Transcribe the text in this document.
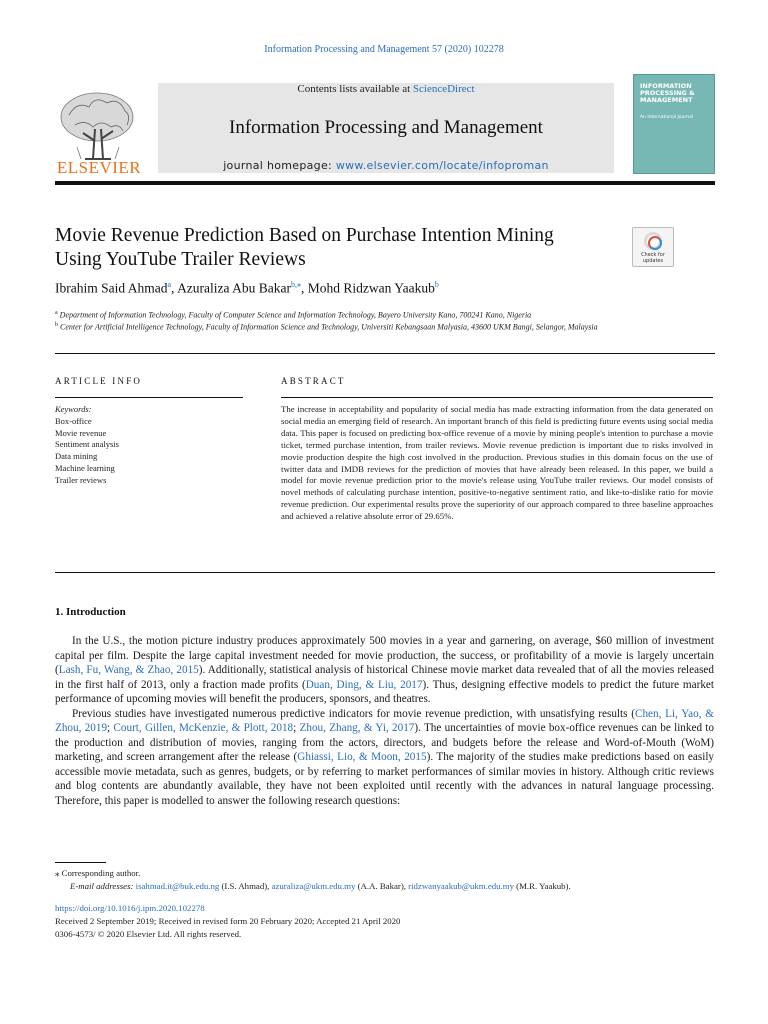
Information Processing and Management 57 (2020) 102278
ELSEVIER
Contents lists available at ScienceDirect
Information Processing and Management
journal homepage: www.elsevier.com/locate/infoproman
INFORMATION PROCESSING & MANAGEMENT
An International Journal
Movie Revenue Prediction Based on Purchase Intention Mining
Using YouTube Trailer Reviews	Check for
updates
Ibrahim Said Ahmad$^a$, Azuraliza Abu Bakar$^{b,⁎}$, Mohd Ridzwan Yaakub$^b$
$^a$ Department of Information Technology, Faculty of Computer Science and Information Technology, Bayero University Kano, 700241 Kano, Nigeria
$^b$ Center for Artificial Intelligence Technology, Faculty of Information Science and Technology, Universiti Kebangsaan Malyasia, 43600 UKM Bangi, Selangor, Malaysia
ARTICLE INFO	ABSTRACT
Keywords:
Box-office
Movie revenue
Sentiment analysis
Data mining
Machine learning
Trailer reviews
The increase in acceptability and popularity of social media has made extracting information from the data generated on social media an emerging field of research. An important branch of this field is predicting future events using social media data. This paper is focused on predicting box-office revenue of a movie by mining people's intention to purchase a movie ticket, termed purchase intention, from trailer reviews. Movie revenue prediction is important due to risks involved in movie production despite the high cost involved in the production. Previous studies in this domain focus on the use of twitter data and IMDB reviews for the prediction of movies that have already been released. In this paper, we build a model for movie revenue prediction prior to the movie's release using YouTube trailer reviews. Our model consists of novel methods of calculating purchase intention, positive-to-negative sentiment ratio, and like-to-dislike ratio for movie revenue prediction. Our experimental results prove the superiority of our approach compared to three baseline approaches and achieved a relative absolute error of 29.65%.
1. Introduction

In the U.S., the motion picture industry produces approximately 500 movies in a year and garnering, on average, $60 million of investment capital per film. Despite the large capital investment needed for movie production, the success, or profitability of a movie is largely uncertain (Lash, Fu, Wang, & Zhao, 2015). Additionally, statistical analysis of historical Chinese movie market data revealed that of all the movies released in the first half of 2013, only a fraction made profits (Duan, Ding, & Liu, 2017). Thus, designing effective models to predict the future market performance of upcoming movies will benefit the producers, sponsors, and theatres.

Previous studies have investigated numerous predictive indicators for movie revenue prediction, with unsatisfying results (Chen, Li, Yao, & Zhou, 2019; Court, Gillen, McKenzie, & Plott, 2018; Zhou, Zhang, & Yi, 2017). The uncertainties of movie box-office revenues can be linked to the production and distribution of movies, ranging from the actors, directors, and budgets before the release and Word-of-Mouth (WoM) marketing, and screen arrangement after the release (Ghiassi, Lio, & Moon, 2015). The majority of the studies make predictions based on easily accessible movie metadata, such as genres, budgets, or by referring to market performances of similar movies in history. Although critic reviews and blog contents are abundantly available, they have not been exploited until recently with the advances in natural language processing. Therefore, this paper is modelled to answer the following research questions:

⁎ Corresponding author.
E-mail addresses: isahmad.it@buk.edu.ng (I.S. Ahmad), azuraliza@ukm.edu.my (A.A. Bakar), ridzwanyaakub@ukm.edu.my (M.R. Yaakub).
https://doi.org/10.1016/j.ipm.2020.102278
Received 2 September 2019; Received in revised form 20 February 2020; Accepted 21 April 2020
0306-4573/ © 2020 Elsevier Ltd. All rights reserved.
